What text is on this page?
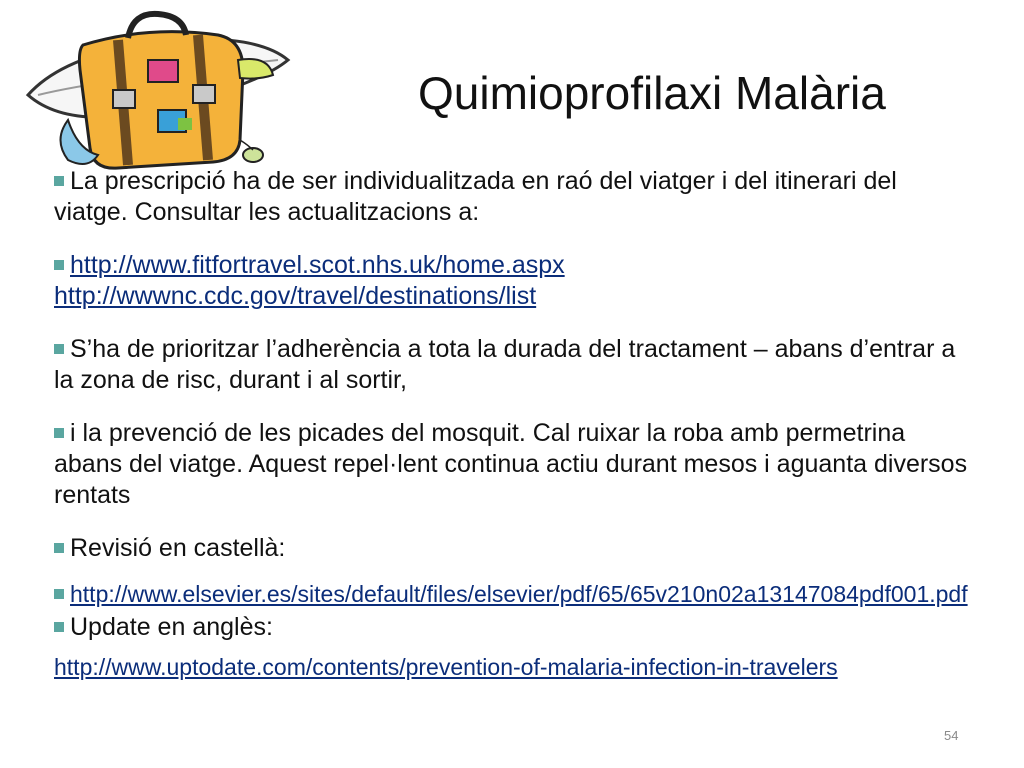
Quimioprofilaxi Malària

La prescripció ha de ser individualitzada en raó del viatger i del itinerari del viatge. Consultar les actualitzacions a:

http://www.fitfortravel.scot.nhs.uk/home.aspx
http://wwwnc.cdc.gov/travel/destinations/list

S’ha de prioritzar l’adherència a tota la durada del tractament – abans d’entrar a la zona de risc, durant i al sortir,

i la prevenció de les picades del mosquit. Cal ruixar la roba amb permetrina abans del viatge. Aquest repel·lent continua actiu durant mesos i aguanta diversos rentats

Revisió en castellà:

http://www.elsevier.es/sites/default/files/elsevier/pdf/65/65v210n02a13147084pdf001.pdf

Update en anglès:

http://www.uptodate.com/contents/prevention-of-malaria-infection-in-travelers

54
